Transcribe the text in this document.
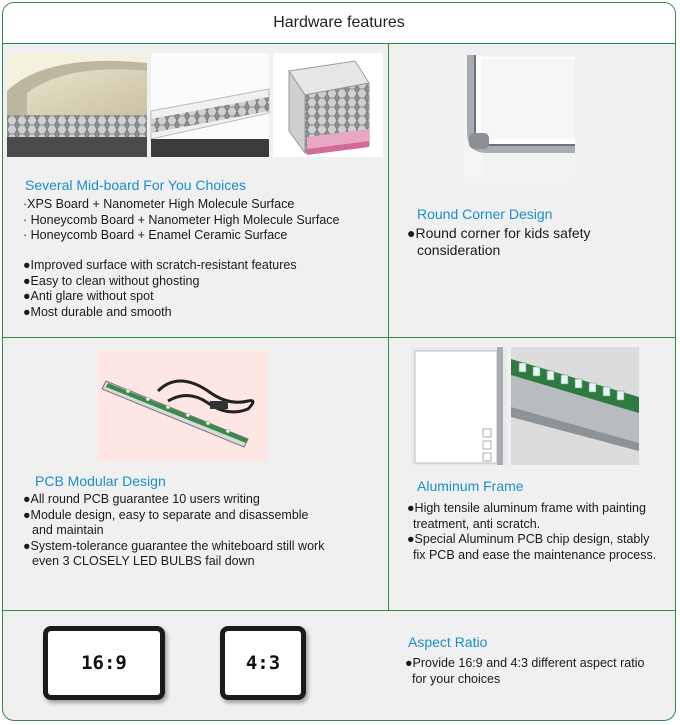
Hardware features
Several Mid-board For You Choices
·XPS Board + Nanometer High Molecule Surface
· Honeycomb Board + Nanometer High Molecule Surface
· Honeycomb Board + Enamel Ceramic Surface
●Improved surface with scratch-resistant features
●Easy to clean without ghosting
●Anti glare without spot
●Most durable and smooth
Round Corner Design
●Round corner for kids safety
consideration
PCB Modular Design
●All round PCB guarantee 10 users writing
●Module design, easy to separate and disassemble
and maintain
●System-tolerance guarantee the whiteboard still work
even 3 CLOSELY LED BULBS fail down
Aluminum Frame
●High tensile aluminum frame with painting
treatment, anti scratch.
●Special Aluminum PCB chip design, stably
fix PCB and ease the maintenance process.
16:9	4:3
Aspect Ratio
●Provide 16:9 and 4:3 different aspect ratio
for your choices
